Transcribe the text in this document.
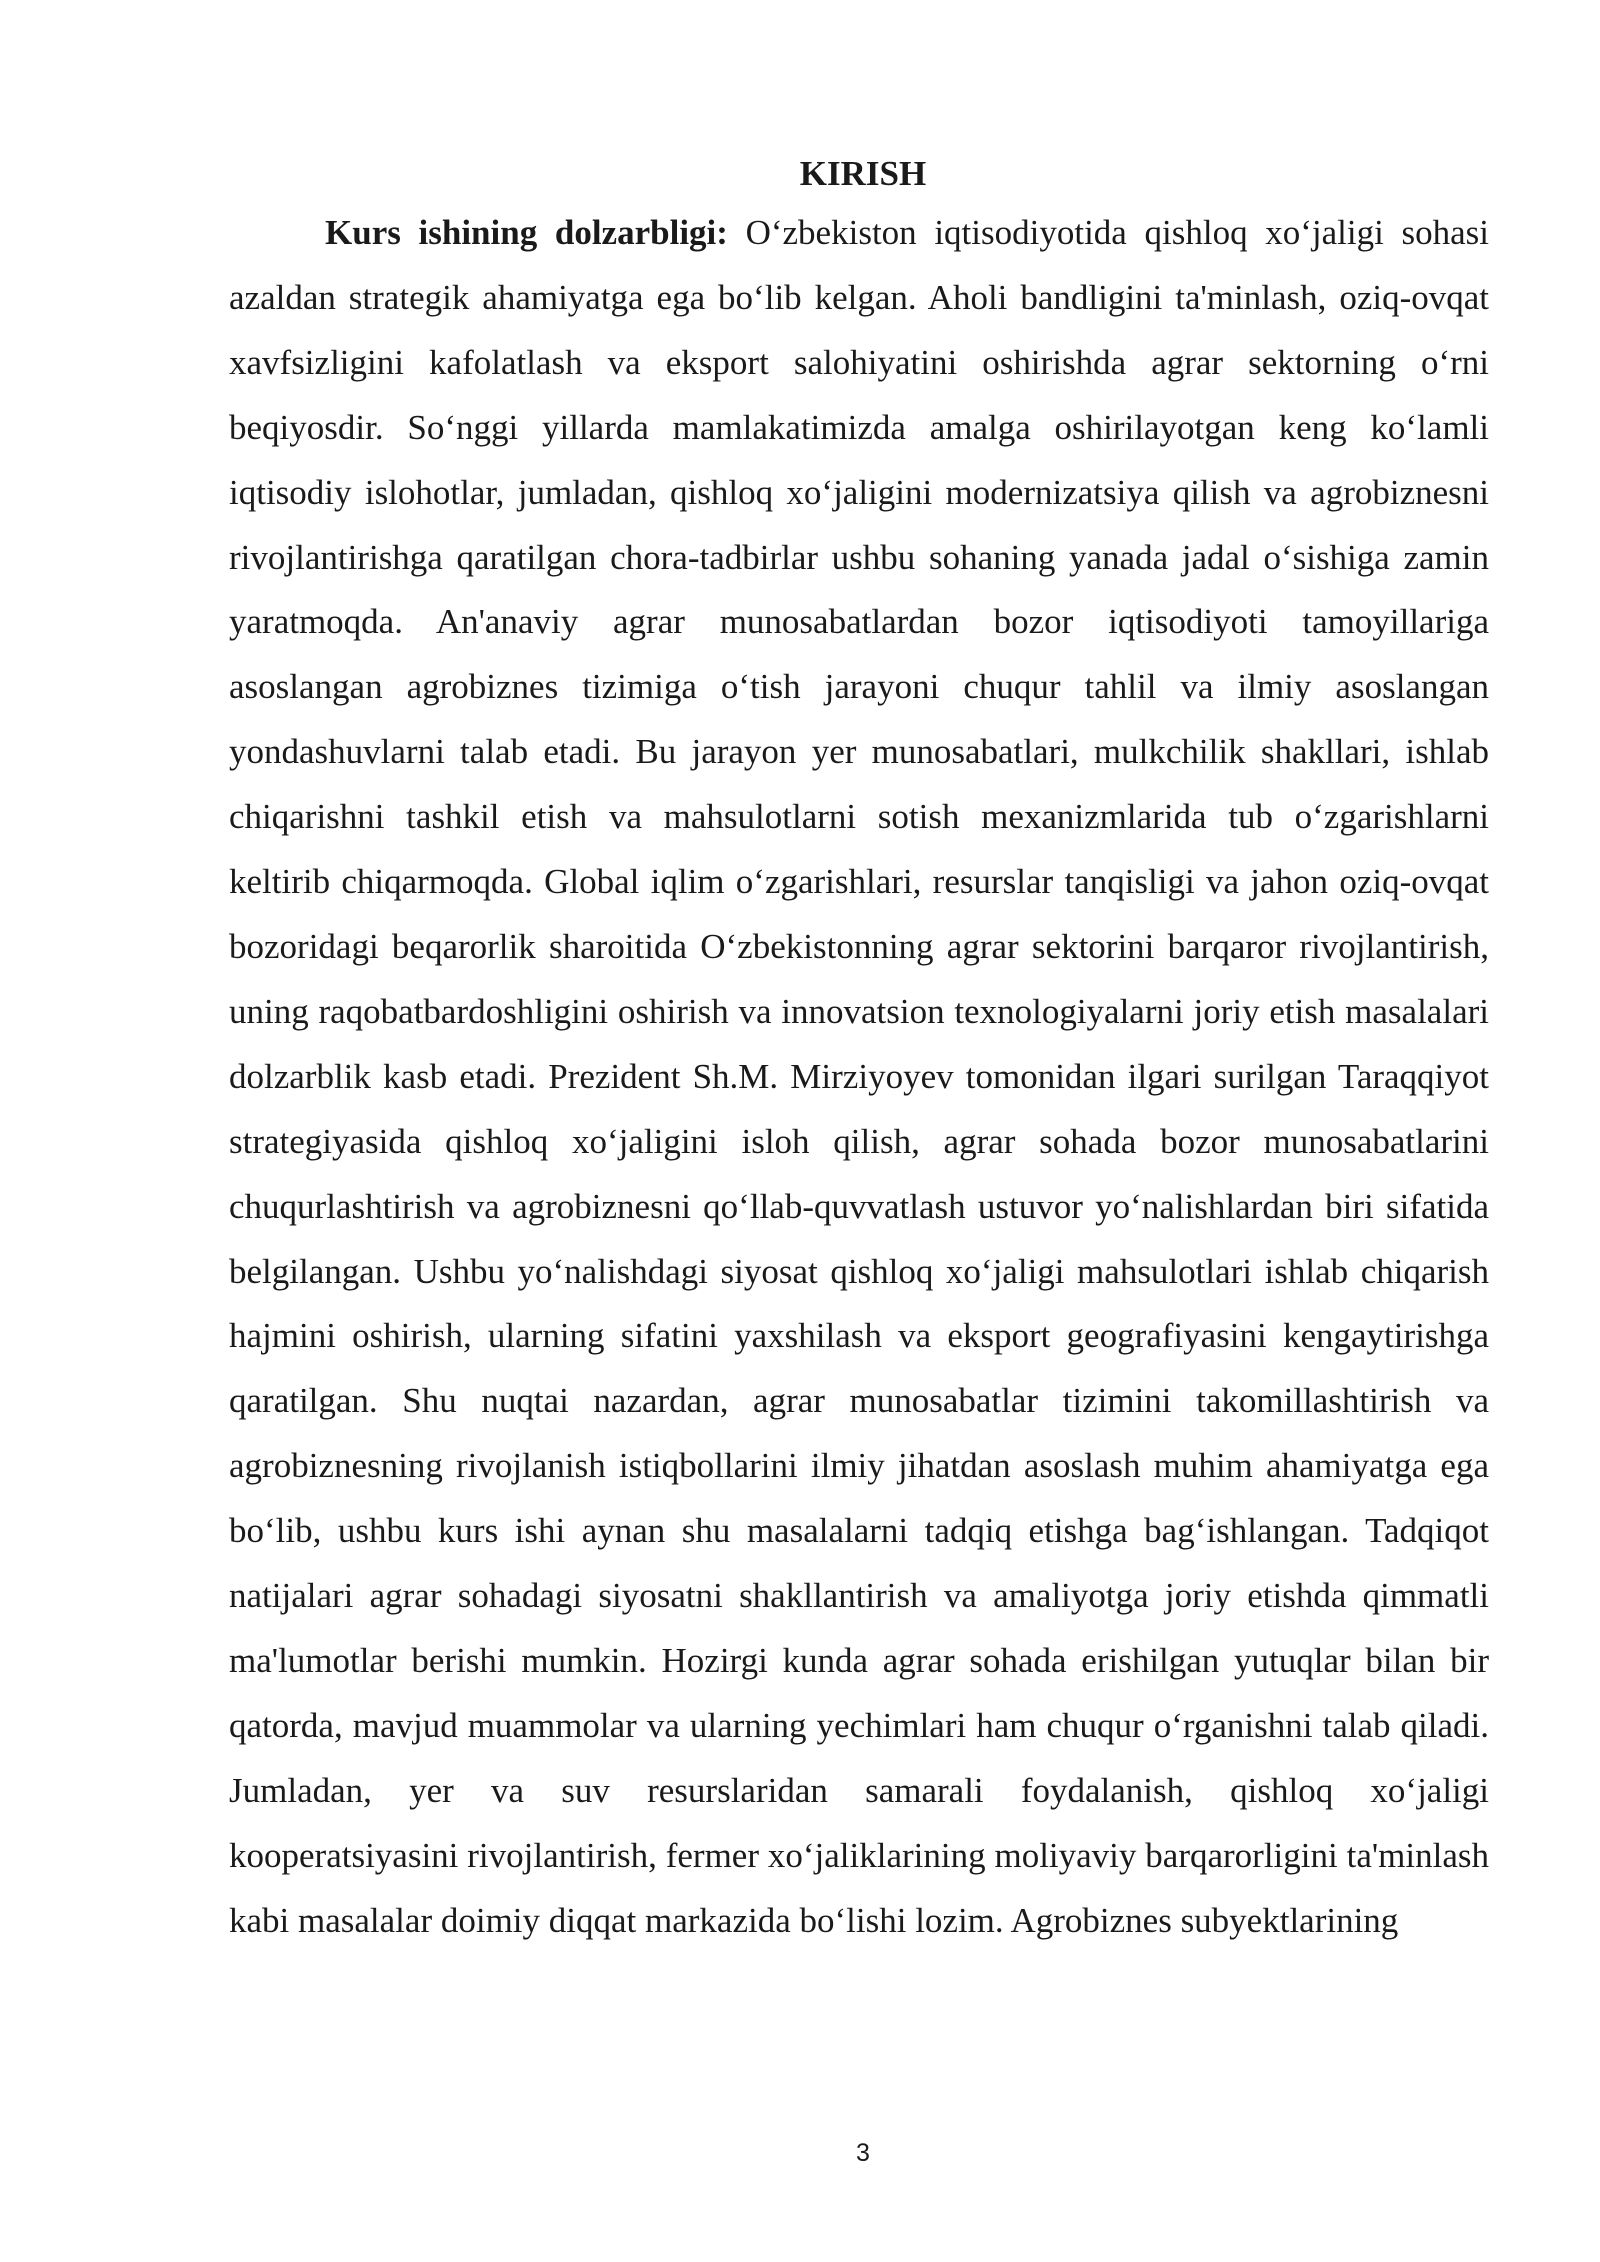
KIRISH

Kurs ishining dolzarbligi: Oʻzbekiston iqtisodiyotida qishloq xoʻjaligi sohasi azaldan strategik ahamiyatga ega boʻlib kelgan. Aholi bandligini ta'minlash, oziq-ovqat xavfsizligini kafolatlash va eksport salohiyatini oshirishda agrar sektorning oʻrni beqiyosdir. Soʻnggi yillarda mamlakatimizda amalga oshirilayotgan keng koʻlamli iqtisodiy islohotlar, jumladan, qishloq xoʻjaligini modernizatsiya qilish va agrobiznesni rivojlantirishga qaratilgan chora-tadbirlar ushbu sohaning yanada jadal oʻsishiga zamin yaratmoqda. An'anaviy agrar munosabatlardan bozor iqtisodiyoti tamoyillariga asoslangan agrobiznes tizimiga oʻtish jarayoni chuqur tahlil va ilmiy asoslangan yondashuvlarni talab etadi. Bu jarayon yer munosabatlari, mulkchilik shakllari, ishlab chiqarishni tashkil etish va mahsulotlarni sotish mexanizmlarida tub oʻzgarishlarni keltirib chiqarmoqda. Global iqlim oʻzgarishlari, resurslar tanqisligi va jahon oziq-ovqat bozoridagi beqarorlik sharoitida Oʻzbekistonning agrar sektorini barqaror rivojlantirish, uning raqobatbardoshligini oshirish va innovatsion texnologiyalarni joriy etish masalalari dolzarblik kasb etadi. Prezident Sh.M. Mirziyoyev tomonidan ilgari surilgan Taraqqiyot strategiyasida qishloq xoʻjaligini isloh qilish, agrar sohada bozor munosabatlarini chuqurlashtirish va agrobiznesni qoʻllab-quvvatlash ustuvor yoʻnalishlardan biri sifatida belgilangan. Ushbu yoʻnalishdagi siyosat qishloq xoʻjaligi mahsulotlari ishlab chiqarish hajmini oshirish, ularning sifatini yaxshilash va eksport geografiyasini kengaytirishga qaratilgan. Shu nuqtai nazardan, agrar munosabatlar tizimini takomillashtirish va agrobiznesning rivojlanish istiqbollarini ilmiy jihatdan asoslash muhim ahamiyatga ega boʻlib, ushbu kurs ishi aynan shu masalalarni tadqiq etishga bagʻishlangan. Tadqiqot natijalari agrar sohadagi siyosatni shakllantirish va amaliyotga joriy etishda qimmatli ma'lumotlar berishi mumkin. Hozirgi kunda agrar sohada erishilgan yutuqlar bilan bir qatorda, mavjud muammolar va ularning yechimlari ham chuqur oʻrganishni talab qiladi. Jumladan, yer va suv resurslaridan samarali foydalanish, qishloq xoʻjaligi kooperatsiyasini rivojlantirish, fermer xoʻjaliklarining moliyaviy barqarorligini ta'minlash kabi masalalar doimiy diqqat markazida boʻlishi lozim. Agrobiznes subyektlarining

3
